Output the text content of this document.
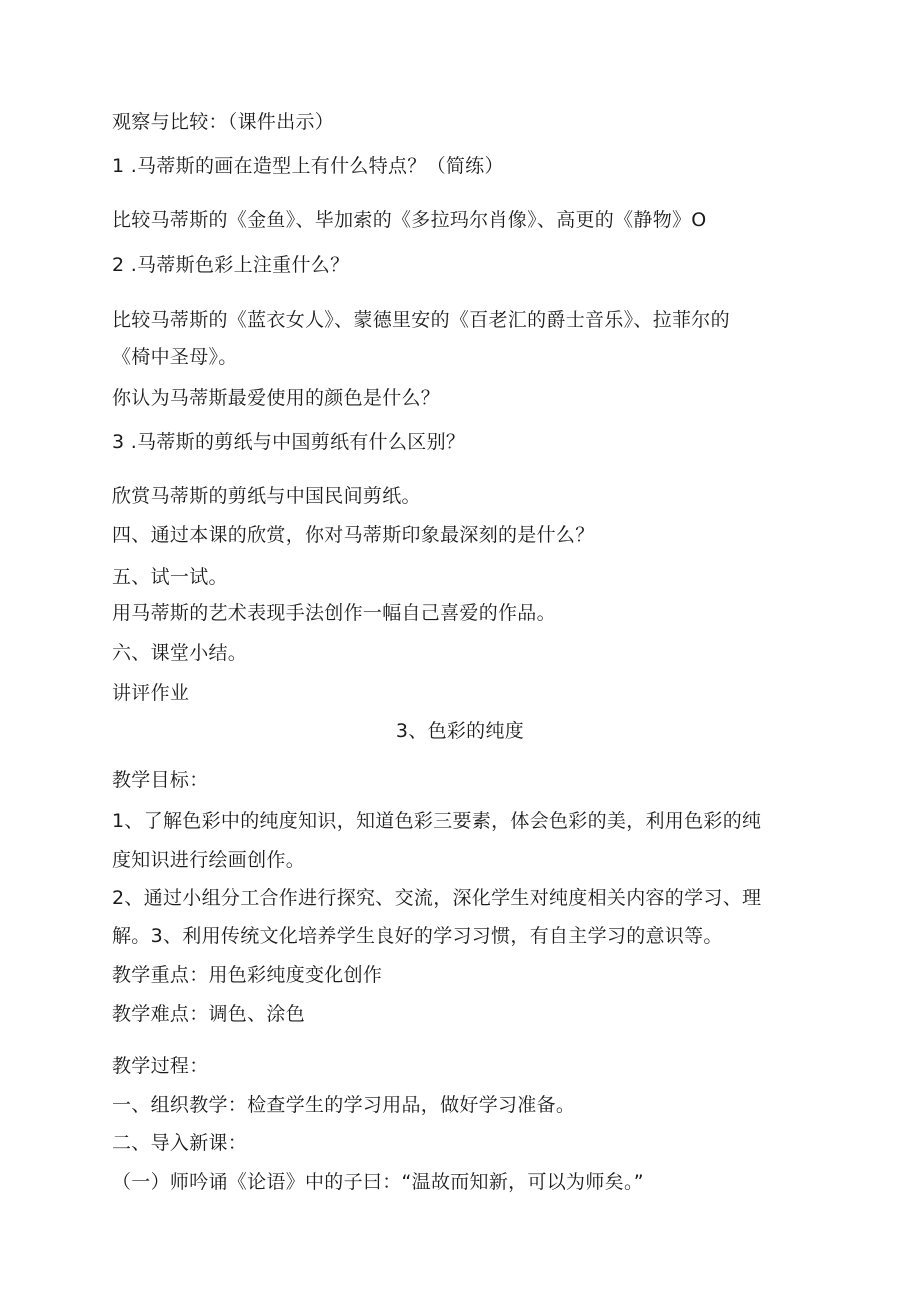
观察与比较：（课件出示）
1 .马蒂斯的画在造型上有什么特点？（简练）
比较马蒂斯的《金鱼》、毕加索的《多拉玛尔肖像》、高更的《静物》O
2 .马蒂斯色彩上注重什么？
比较马蒂斯的《蓝衣女人》、蒙德里安的《百老汇的爵士音乐》、拉菲尔的
《椅中圣母》。
你认为马蒂斯最爱使用的颜色是什么？
3 .马蒂斯的剪纸与中国剪纸有什么区别？
欣赏马蒂斯的剪纸与中国民间剪纸。
四、通过本课的欣赏，你对马蒂斯印象最深刻的是什么？
五、试一试。
用马蒂斯的艺术表现手法创作一幅自己喜爱的作品。
六、课堂小结。
讲评作业
3、色彩的纯度
教学目标：
1、了解色彩中的纯度知识，知道色彩三要素，体会色彩的美，利用色彩的纯
度知识进行绘画创作。
2、通过小组分工合作进行探究、交流，深化学生对纯度相关内容的学习、理
解。3、利用传统文化培养学生良好的学习习惯，有自主学习的意识等。
教学重点：用色彩纯度变化创作
教学难点：调色、涂色
教学过程：
一、组织教学：检查学生的学习用品，做好学习准备。
二、导入新课：
（一）师吟诵《论语》中的子曰：“温故而知新，可以为师矣。”
